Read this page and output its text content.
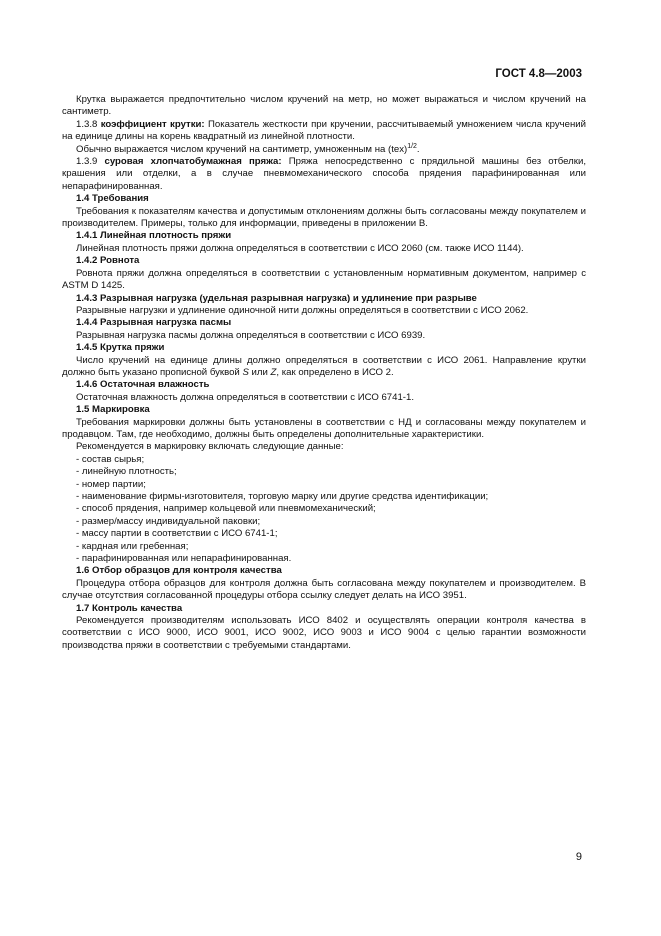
ГОСТ 4.8—2003

Крутка выражается предпочтительно числом кручений на метр, но может выражаться и числом кручений на сантиметр.

1.3.8 коэффициент крутки: Показатель жесткости при кручении, рассчитываемый умножением числа кручений на единице длины на корень квадратный из линейной плотности.

Обычно выражается числом кручений на сантиметр, умноженным на (tex)$^{1/2}$.

1.3.9 суровая хлопчатобумажная пряжа: Пряжа непосредственно с прядильной машины без отбелки, крашения или отделки, а в случае пневмомеханического способа прядения парафинированная или непарафинированная.

1.4 Требования

Требования к показателям качества и допустимым отклонениям должны быть согласованы между покупателем и производителем. Примеры, только для информации, приведены в приложении В.

1.4.1 Линейная плотность пряжи

Линейная плотность пряжи должна определяться в соответствии с ИСО 2060 (см. также ИСО 1144).

1.4.2 Ровнота

Ровнота пряжи должна определяться в соответствии с установленным нормативным документом, например с ASTM D 1425.

1.4.3 Разрывная нагрузка (удельная разрывная нагрузка) и удлинение при разрыве

Разрывные нагрузки и удлинение одиночной нити должны определяться в соответствии с ИСО 2062.

1.4.4 Разрывная нагрузка пасмы

Разрывная нагрузка пасмы должна определяться в соответствии с ИСО 6939.

1.4.5 Крутка пряжи

Число кручений на единице длины должно определяться в соответствии с ИСО 2061. Направление крутки должно быть указано прописной буквой S или Z, как определено в ИСО 2.

1.4.6 Остаточная влажность

Остаточная влажность должна определяться в соответствии с ИСО 6741-1.

1.5 Маркировка

Требования маркировки должны быть установлены в соответствии с НД и согласованы между покупателем и продавцом. Там, где необходимо, должны быть определены дополнительные характеристики.

Рекомендуется в маркировку включать следующие данные:

- состав сырья;
- линейную плотность;
- номер партии;
- наименование фирмы-изготовителя, торговую марку или другие средства идентификации;
- способ прядения, например кольцевой или пневмомеханический;
- размер/массу индивидуальной паковки;
- массу партии в соответствии с ИСО 6741-1;
- кардная или гребенная;
- парафинированная или непарафинированная.

1.6 Отбор образцов для контроля качества

Процедура отбора образцов для контроля должна быть согласована между покупателем и производителем. В случае отсутствия согласованной процедуры отбора ссылку следует делать на ИСО 3951.

1.7 Контроль качества

Рекомендуется производителям использовать ИСО 8402 и осуществлять операции контроля качества в соответствии с ИСО 9000, ИСО 9001, ИСО 9002, ИСО 9003 и ИСО 9004 с целью гарантии возможности производства пряжи в соответствии с требуемыми стандартами.

9
